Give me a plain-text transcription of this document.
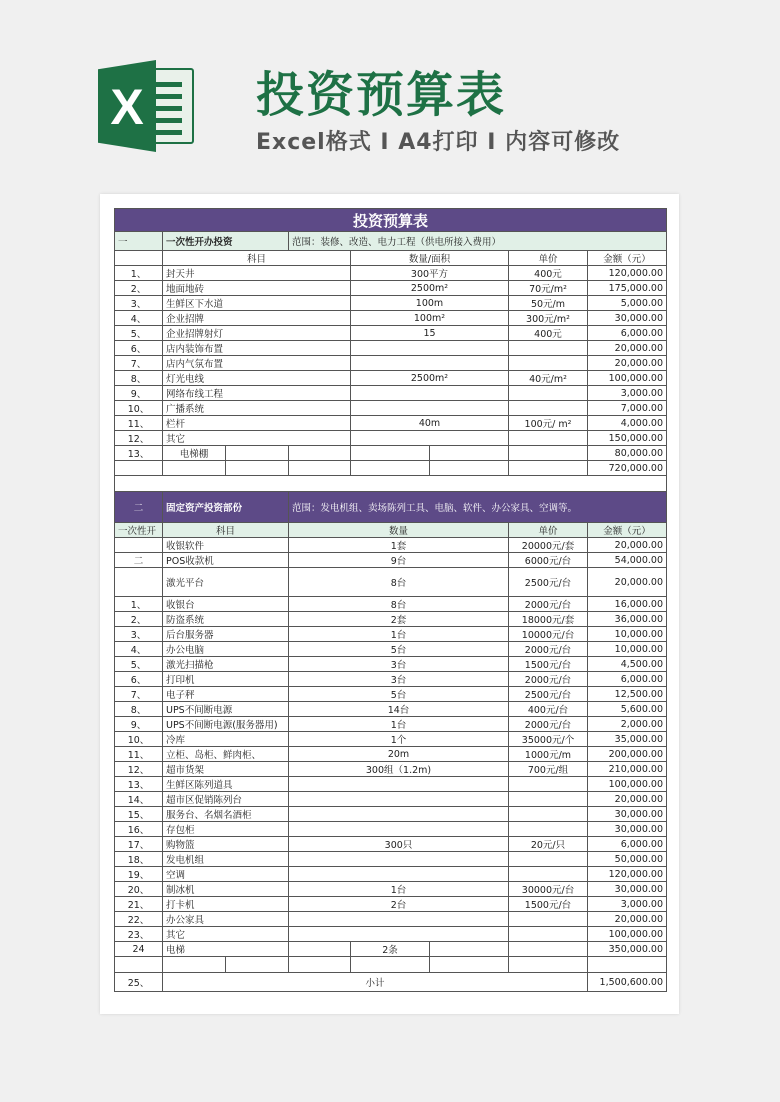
X 投资预算表
Excel格式 I A4打印 I 内容可修改
投资预算表							
一	一次性开办投资		范围：装修、改造、电力工程（供电所接入费用）				
	科目			数量/面积		单价	金额（元）
1、	封天井			300平方		400元	120,000.00
2、	地面地砖			2500m²		70元/m²	175,000.00
3、	生鲜区下水道			100m		50元/m	5,000.00
4、	企业招牌			100m²		300元/m²	30,000.00
5、	企业招牌射灯			15		400元	6,000.00
6、	店内装饰布置						20,000.00
7、	店内气氛布置						20,000.00
8、	灯光电线			2500m²		40元/m²	100,000.00
9、	网络布线工程						3,000.00
10、	广播系统						7,000.00
11、	栏杆			40m		100元/ m²	4,000.00
12、	其它						150,000.00
13、	电梯棚						80,000.00
							720,000.00

二	固定资产投资部份		范围：发电机组、卖场陈列工具、电脑、软件、办公家具、空调等。				
一次性开	科目		数量			单价	金额（元）
	收银软件		1套			20000元/套	20,000.00
二	POS收款机		9台			6000元/台	54,000.00
	激光平台		8台			2500元/台	20,000.00
1、	收银台		8台			2000元/台	16,000.00
2、	防盗系统		2套			18000元/套	36,000.00
3、	后台服务器		1台			10000元/台	10,000.00
4、	办公电脑		5台			2000元/台	10,000.00
5、	激光扫描枪		3台			1500元/台	4,500.00
6、	打印机		3台			2000元/台	6,000.00
7、	电子秤		5台			2500元/台	12,500.00
8、	UPS不间断电源		14台			400元/台	5,600.00
9、	UPS不间断电源(服务器用)		1台			2000元/台	2,000.00
10、	冷库		1个			35000元/个	35,000.00
11、	立柜、岛柜、鲜肉柜、		20m			1000元/m	200,000.00
12、	超市货架		300组（1.2m)			700元/组	210,000.00
13、	生鲜区陈列道具						100,000.00
14、	超市区促销陈列台						20,000.00
15、	服务台、名烟名酒柜						30,000.00
16、	存包柜						30,000.00
17、	购物篮		300只			20元/只	6,000.00
18、	发电机组						50,000.00
19、	空调						120,000.00
20、	制冰机		1台			30000元/台	30,000.00
21、	打卡机		2台			1500元/台	3,000.00
22、	办公家具						20,000.00
23、	其它						100,000.00
24	电梯			2条			350,000.00

25、	小计						1,500,600.00
